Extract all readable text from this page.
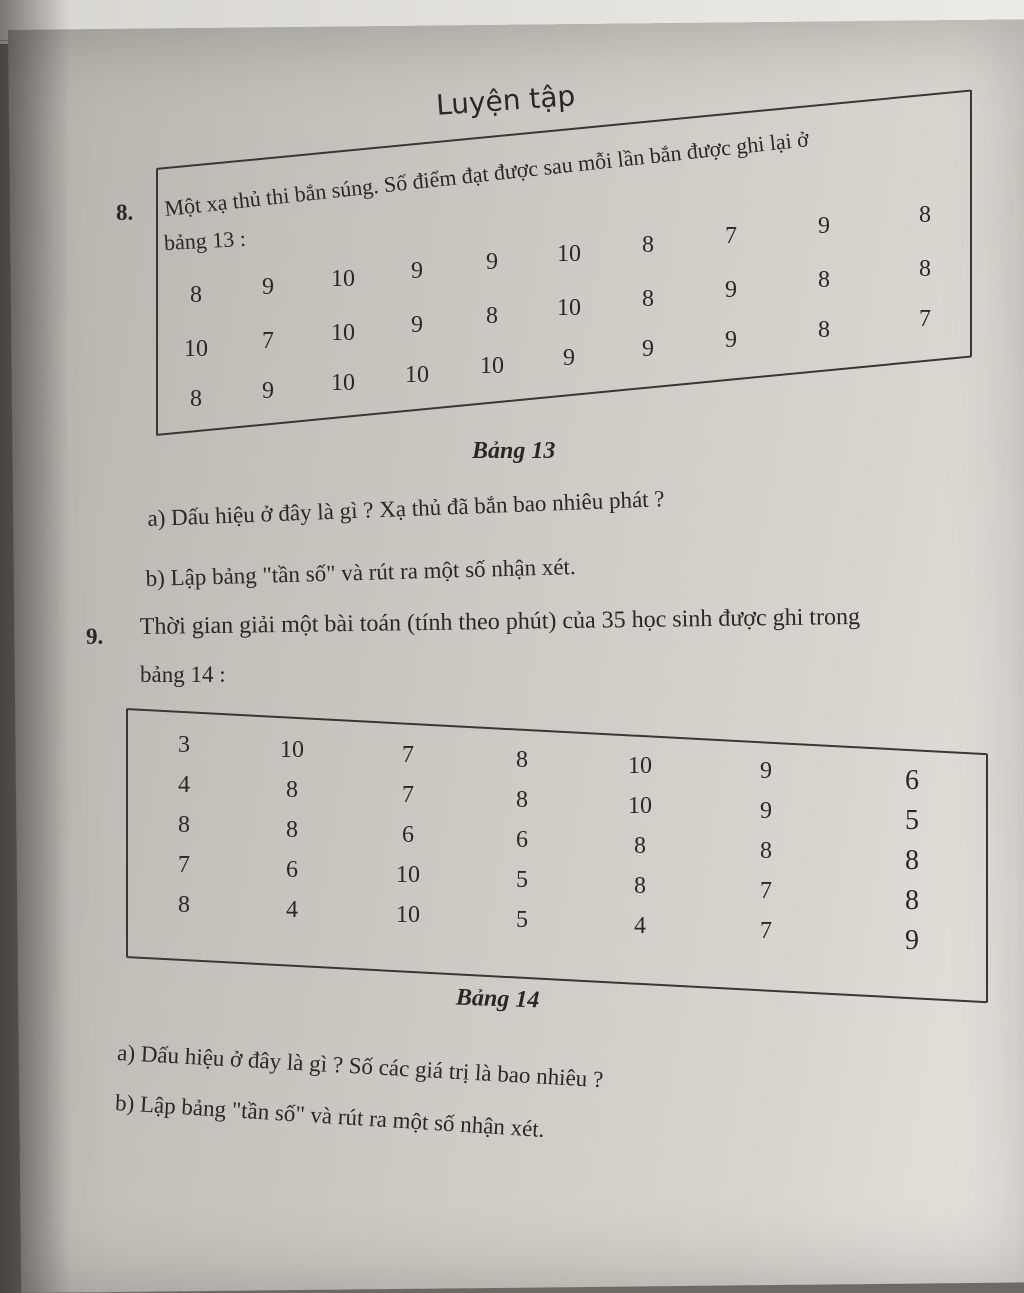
Luyện tập
8. Một xạ thủ thi bắn súng. Số điểm đạt được sau mỗi lần bắn được ghi lại ở
bảng 13 :
8	9	10	9	9	10	8	7	9	8
10	7	10	9	8	10	8	9	8	8
8	9	10	10	10	9	9	9	8	7
Bảng 13
a) Dấu hiệu ở đây là gì ? Xạ thủ đã bắn bao nhiêu phát ?
b) Lập bảng "tần số" và rút ra một số nhận xét.
9. Thời gian giải một bài toán (tính theo phút) của 35 học sinh được ghi trong
bảng 14 :
3	10	7	8	10	9	6
4	8	7	8	10	9	5
8	8	6	6	8	8	8
7	6	10	5	8	7	8
8	4	10	5	4	7	9
Bảng 14
a) Dấu hiệu ở đây là gì ? Số các giá trị là bao nhiêu ?
b) Lập bảng "tần số" và rút ra một số nhận xét.
